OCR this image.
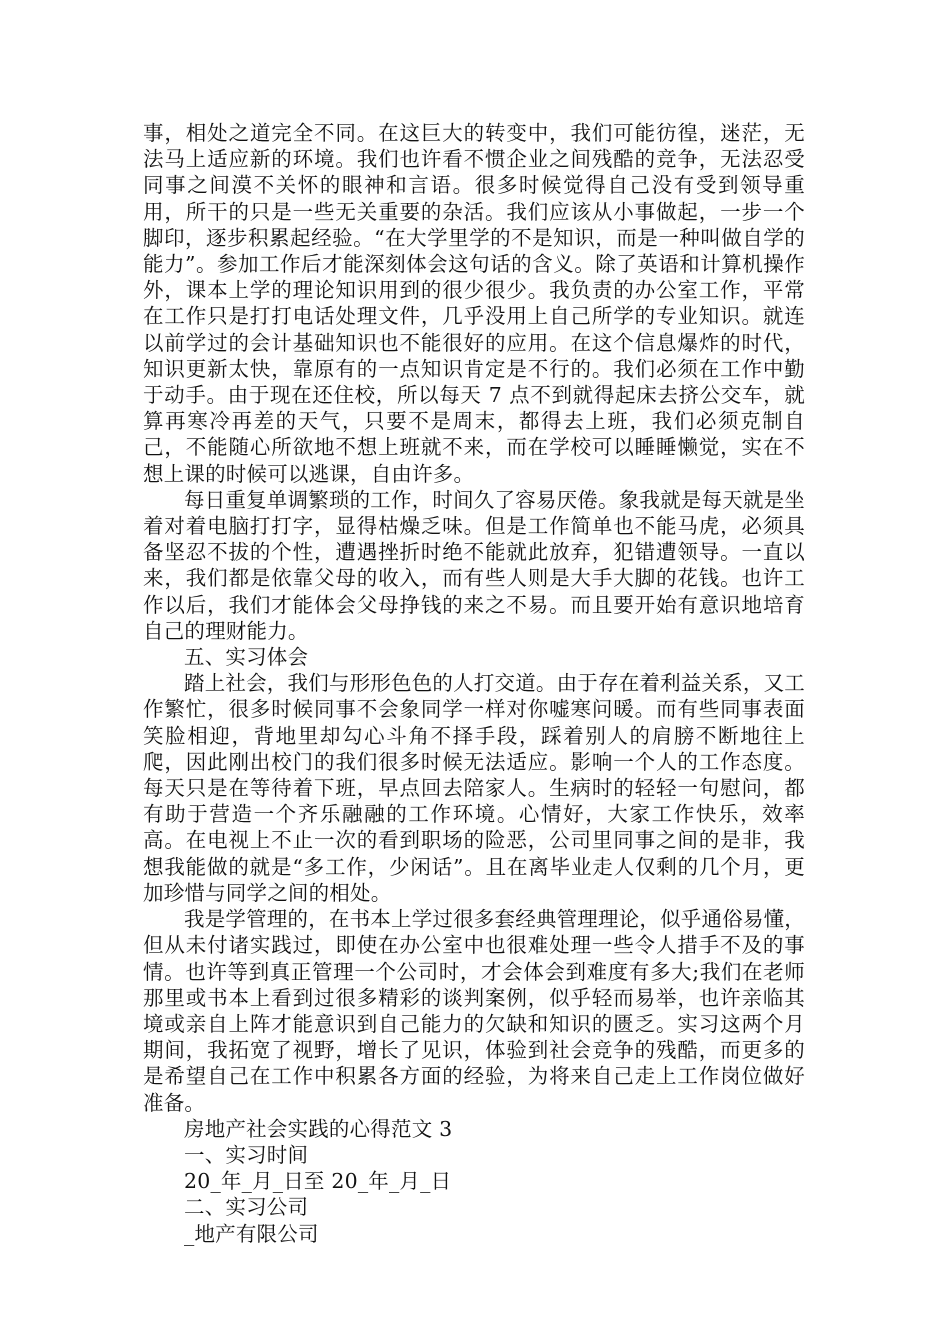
事，相处之道完全不同。在这巨大的转变中，我们可能彷徨，迷茫，无法马上适应新的环境。我们也许看不惯企业之间残酷的竞争，无法忍受同事之间漠不关怀的眼神和言语。很多时候觉得自己没有受到领导重用，所干的只是一些无关重要的杂活。我们应该从小事做起，一步一个脚印，逐步积累起经验。“在大学里学的不是知识，而是一种叫做自学的能力”。参加工作后才能深刻体会这句话的含义。除了英语和计算机操作外，课本上学的理论知识用到的很少很少。我负责的办公室工作，平常在工作只是打打电话处理文件，几乎没用上自己所学的专业知识。就连以前学过的会计基础知识也不能很好的应用。在这个信息爆炸的时代，知识更新太快，靠原有的一点知识肯定是不行的。我们必须在工作中勤于动手。由于现在还住校，所以每天 7 点不到就得起床去挤公交车，就算再寒冷再差的天气，只要不是周末，都得去上班，我们必须克制自己，不能随心所欲地不想上班就不来，而在学校可以睡睡懒觉，实在不想上课的时候可以逃课，自由许多。

每日重复单调繁琐的工作，时间久了容易厌倦。象我就是每天就是坐着对着电脑打打字，显得枯燥乏味。但是工作简单也不能马虎，必须具备坚忍不拔的个性，遭遇挫折时绝不能就此放弃，犯错遭领导。一直以来，我们都是依靠父母的收入，而有些人则是大手大脚的花钱。也许工作以后，我们才能体会父母挣钱的来之不易。而且要开始有意识地培育自己的理财能力。

五、实习体会

踏上社会，我们与形形色色的人打交道。由于存在着利益关系，又工作繁忙，很多时候同事不会象同学一样对你嘘寒问暖。而有些同事表面笑脸相迎，背地里却勾心斗角不择手段，踩着别人的肩膀不断地往上爬，因此刚出校门的我们很多时候无法适应。影响一个人的工作态度。每天只是在等待着下班，早点回去陪家人。生病时的轻轻一句慰问，都有助于营造一个齐乐融融的工作环境。心情好，大家工作快乐，效率高。在电视上不止一次的看到职场的险恶，公司里同事之间的是非，我想我能做的就是“多工作，少闲话”。且在离毕业走人仅剩的几个月，更加珍惜与同学之间的相处。

我是学管理的，在书本上学过很多套经典管理理论，似乎通俗易懂，但从未付诸实践过，即使在办公室中也很难处理一些令人措手不及的事情。也许等到真正管理一个公司时，才会体会到难度有多大;我们在老师那里或书本上看到过很多精彩的谈判案例，似乎轻而易举，也许亲临其境或亲自上阵才能意识到自己能力的欠缺和知识的匮乏。实习这两个月期间，我拓宽了视野，增长了见识，体验到社会竞争的残酷，而更多的是希望自己在工作中积累各方面的经验，为将来自己走上工作岗位做好准备。

房地产社会实践的心得范文 3

一、实习时间

20_年_月_日至 20_年_月_日

二、实习公司

_地产有限公司
